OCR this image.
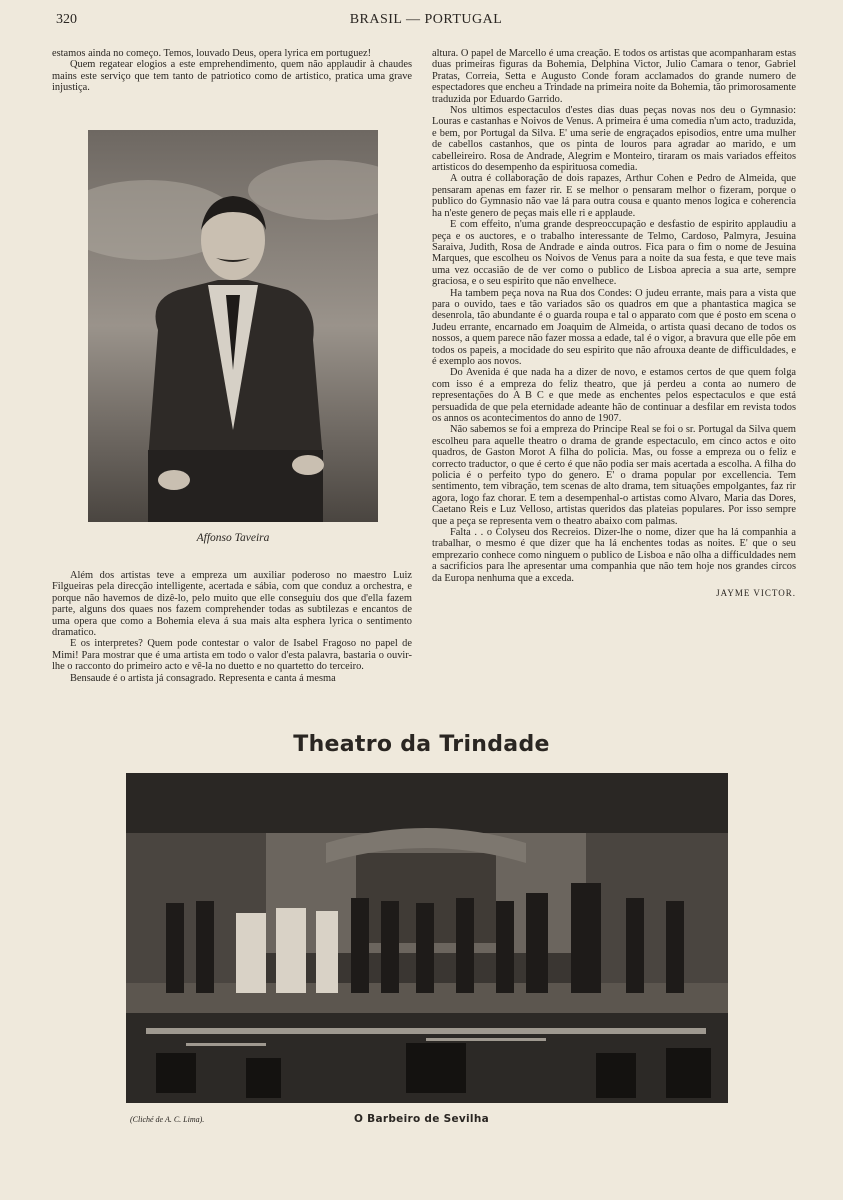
320	BRASIL — PORTUGAL

estamos ainda no começo. Temos, louvado Deus, opera lyrica em portuguez!

Quem regatear elogios a este emprehendimento, quem não applaudir à chaudes mains este serviço que tem tanto de patriotico como de artistico, pratica uma grave injustiça.

Affonso Taveira

Além dos artistas teve a empreza um auxiliar poderoso no maestro Luiz Filgueiras pela direcção intelligente, acertada e sábia, com que conduz a orchestra, e porque não havemos de dizê-lo, pelo muito que elle conseguiu dos que d'ella fazem parte, alguns dos quaes nos fazem comprehender todas as subtilezas e encantos de uma opera que como a Bohemia eleva á sua mais alta esphera lyrica o sentimento dramatico.

E os interpretes? Quem pode contestar o valor de Isabel Fragoso no papel de Mimi! Para mostrar que é uma artista em todo o valor d'esta palavra, bastaria o ouvir-lhe o racconto do primeiro acto e vê-la no duetto e no quartetto do terceiro.

Bensaude é o artista já consagrado. Representa e canta á mesma

altura. O papel de Marcello é uma creação. E todos os artistas que acompanharam estas duas primeiras figuras da Bohemia, Delphina Victor, Julio Camara o tenor, Gabriel Pratas, Correia, Setta e Augusto Conde foram acclamados do grande numero de espectadores que encheu a Trindade na primeira noite da Bohemia, tão primorosamente traduzida por Eduardo Garrido.

Nos ultimos espectaculos d'estes dias duas peças novas nos deu o Gymnasio: Louras e castanhas e Noivos de Venus. A primeira é uma comedia n'um acto, traduzida, e bem, por Portugal da Silva. E' uma serie de engraçados episodios, entre uma mulher de cabellos castanhos, que os pinta de louros para agradar ao marido, e um cabelleireiro. Rosa de Andrade, Alegrim e Monteiro, tiraram os mais variados effeitos artisticos do desempenho da espirituosa comedia.

A outra é collaboração de dois rapazes, Arthur Cohen e Pedro de Almeida, que pensaram apenas em fazer rir. E se melhor o pensaram melhor o fizeram, porque o publico do Gymnasio não vae lá para outra cousa e quanto menos logica e coherencia ha n'este genero de peças mais elle ri e applaude.

E com effeito, n'uma grande despreoccupação e desfastio de espirito applaudiu a peça e os auctores, e o trabalho interessante de Telmo, Cardoso, Palmyra, Jesuina Saraiva, Judith, Rosa de Andrade e ainda outros. Fica para o fim o nome de Jesuina Marques, que escolheu os Noivos de Venus para a noite da sua festa, e que teve mais uma vez occasião de de ver como o publico de Lisboa aprecia a sua arte, sempre graciosa, e o seu espirito que não envelhece.

Ha tambem peça nova na Rua dos Condes: O judeu errante, mais para a vista que para o ouvido, taes e tão variados são os quadros em que a phantastica magica se desenrola, tão abundante é o guarda roupa e tal o apparato com que é posto em scena o Judeu errante, encarnado em Joaquim de Almeida, o artista quasi decano de todos os nossos, a quem parece não fazer mossa a edade, tal é o vigor, a bravura que elle põe em todos os papeis, a mocidade do seu espirito que não afrouxa deante de difficuldades, e é exemplo aos novos.

Do Avenida é que nada ha a dizer de novo, e estamos certos de que quem folga com isso é a empreza do feliz theatro, que já perdeu a conta ao numero de representações do A B C e que mede as enchentes pelos espectaculos e que está persuadida de que pela eternidade adeante hão de continuar a desfilar em revista todos os annos os acontecimentos do anno de 1907.

Não sabemos se foi a empreza do Principe Real se foi o sr. Portugal da Silva quem escolheu para aquelle theatro o drama de grande espectaculo, em cinco actos e oito quadros, de Gaston Morot A filha do policia. Mas, ou fosse a empreza ou o feliz e correcto traductor, o que é certo é que não podia ser mais acertada a escolha. A filha do policia é o perfeito typo do genero. E' o drama popular por excellencia. Tem sentimento, tem vibração, tem scenas de alto drama, tem situações empolgantes, faz rir agora, logo faz chorar. E tem a desempenhal-o artistas como Alvaro, Maria das Dores, Caetano Reis e Luz Velloso, artistas queridos das plateias populares. Por isso sempre que a peça se representa vem o theatro abaixo com palmas.

Falta . . o Colyseu dos Recreios. Dizer-lhe o nome, dizer que ha lá companhia a trabalhar, o mesmo é que dizer que ha lá enchentes todas as noites. E' que o seu emprezario conhece como ninguem o publico de Lisboa e não olha a difficuldades nem a sacrificios para lhe apresentar uma companhia que não tem hoje nos grandes circos da Europa nenhuma que a exceda.

JAYME VICTOR.
Theatro da Trindade
(Cliché de A. C. Lima).	O Barbeiro de Sevilha
